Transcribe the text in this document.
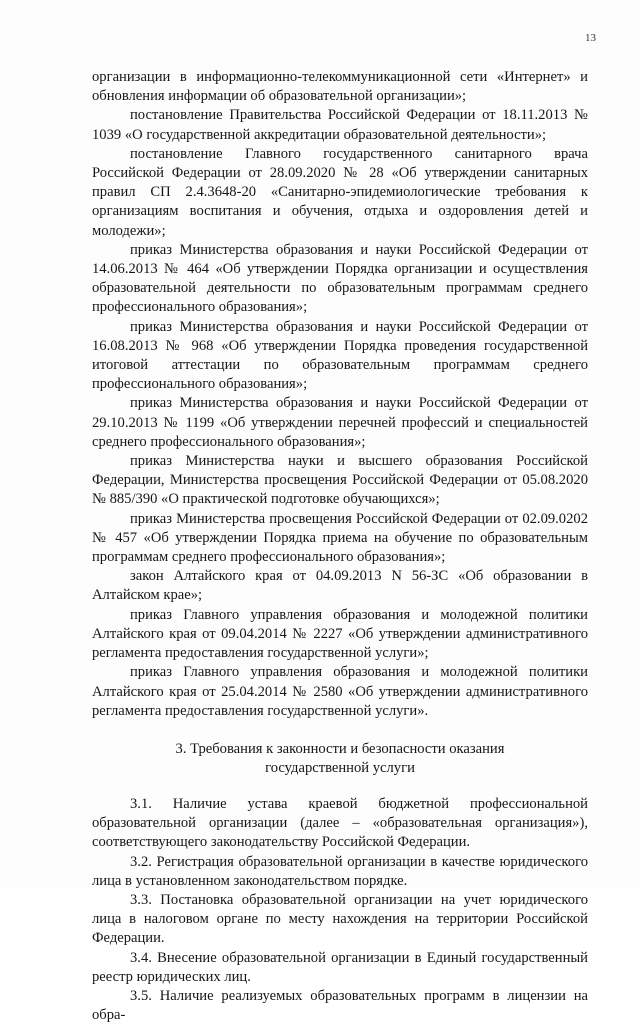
13

организации в информационно-телекоммуникационной сети «Интернет» и обновления информации об образовательной организации»;

постановление Правительства Российской Федерации от 18.11.2013 № 1039 «О государственной аккредитации образовательной деятельности»;

постановление Главного государственного санитарного врача Российской Федерации от 28.09.2020 № 28 «Об утверждении санитарных правил СП 2.4.3648-20 «Санитарно-эпидемиологические требования к организациям воспитания и обучения, отдыха и оздоровления детей и молодежи»;

приказ Министерства образования и науки Российской Федерации от 14.06.2013 № 464 «Об утверждении Порядка организации и осуществления образовательной деятельности по образовательным программам среднего профессионального образования»;

приказ Министерства образования и науки Российской Федерации от 16.08.2013 № 968 «Об утверждении Порядка проведения государственной итоговой аттестации по образовательным программам среднего профессионального образования»;

приказ Министерства образования и науки Российской Федерации от 29.10.2013 № 1199 «Об утверждении перечней профессий и специальностей среднего профессионального образования»;

приказ Министерства науки и высшего образования Российской Федерации, Министерства просвещения Российской Федерации от 05.08.2020 № 885/390 «О практической подготовке обучающихся»;

приказ Министерства просвещения Российской Федерации от 02.09.0202 № 457 «Об утверждении Порядка приема на обучение по образовательным программам среднего профессионального образования»;

закон Алтайского края от 04.09.2013 N 56-ЗС «Об образовании в Алтайском крае»;

приказ Главного управления образования и молодежной политики Алтайского края от 09.04.2014 № 2227 «Об утверждении административного регламента предоставления государственной услуги»;

приказ Главного управления образования и молодежной политики Алтайского края от 25.04.2014 № 2580 «Об утверждении административного регламента предоставления государственной услуги».

3. Требования к законности и безопасности оказания государственной услуги

3.1. Наличие устава краевой бюджетной профессиональной образовательной организации (далее – «образовательная организация»), соответствующего законодательству Российской Федерации.

3.2. Регистрация образовательной организации в качестве юридического лица в установленном законодательством порядке.

3.3. Постановка образовательной организации на учет юридического лица в налоговом органе по месту нахождения на территории Российской Федерации.

3.4. Внесение образовательной организации в Единый государственный реестр юридических лиц.

3.5. Наличие реализуемых образовательных программ в лицензии на обра-
